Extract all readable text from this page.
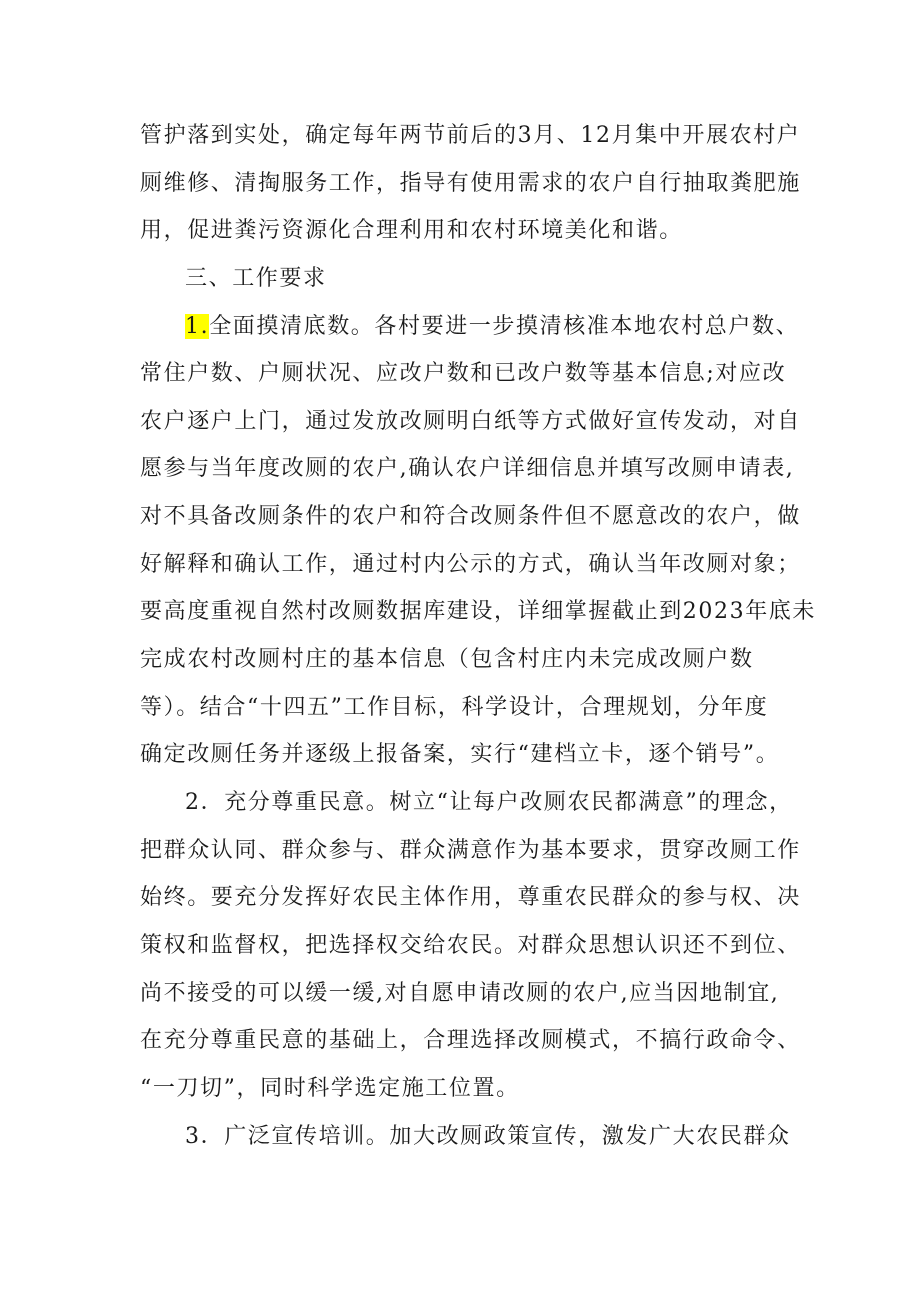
管护落到实处，确定每年两节前后的3月、12月集中开展农村户
厕维修、清掏服务工作，指导有使用需求的农户自行抽取粪肥施
用，促进粪污资源化合理利用和农村环境美化和谐。
三、工作要求
1.全面摸清底数。各村要进一步摸清核准本地农村总户数、
常住户数、户厕状况、应改户数和已改户数等基本信息;对应改
农户逐户上门，通过发放改厕明白纸等方式做好宣传发动，对自
愿参与当年度改厕的农户,确认农户详细信息并填写改厕申请表,
对不具备改厕条件的农户和符合改厕条件但不愿意改的农户，做
好解释和确认工作，通过村内公示的方式，确认当年改厕对象；
要高度重视自然村改厕数据库建设，详细掌握截止到2023年底未
完成农村改厕村庄的基本信息（包含村庄内未完成改厕户数
等）。结合“十四五”工作目标，科学设计，合理规划，分年度
确定改厕任务并逐级上报备案，实行“建档立卡，逐个销号”。
2．充分尊重民意。树立“让每户改厕农民都满意”的理念，
把群众认同、群众参与、群众满意作为基本要求，贯穿改厕工作
始终。要充分发挥好农民主体作用，尊重农民群众的参与权、决
策权和监督权，把选择权交给农民。对群众思想认识还不到位、
尚不接受的可以缓一缓,对自愿申请改厕的农户,应当因地制宜,
在充分尊重民意的基础上，合理选择改厕模式，不搞行政命令、
“一刀切”，同时科学选定施工位置。
3．广泛宣传培训。加大改厕政策宣传，激发广大农民群众
